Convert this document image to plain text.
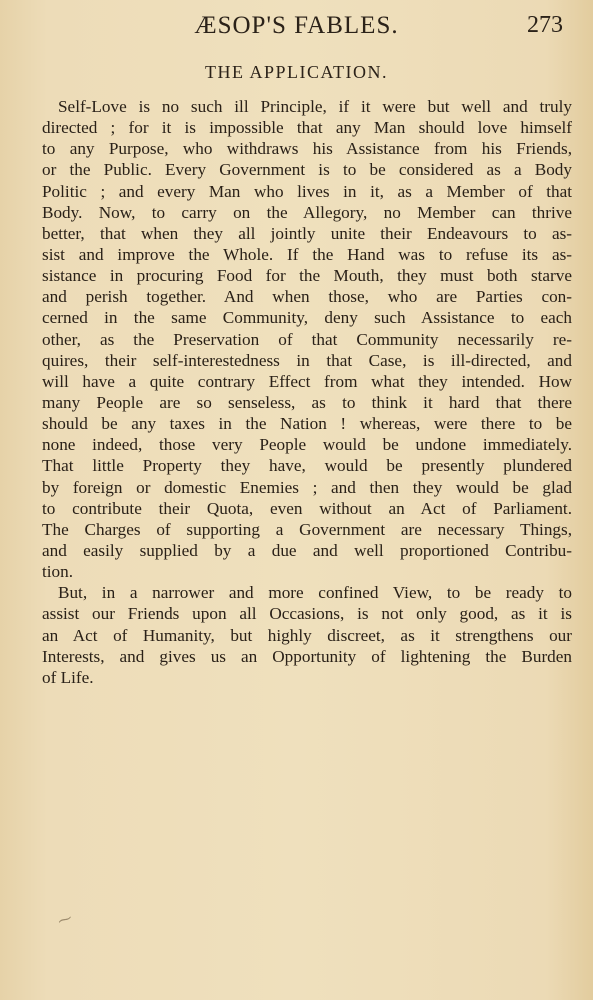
ÆSOP'S FABLES.	273
THE APPLICATION.
Self-Love is no such ill Principle, if it were but well and truly
directed ; for it is impossible that any Man should love himself
to any Purpose, who withdraws his Assistance from his Friends,
or the Public. Every Government is to be considered as a Body
Politic ; and every Man who lives in it, as a Member of that
Body. Now, to carry on the Allegory, no Member can thrive
better, that when they all jointly unite their Endeavours to as-
sist and improve the Whole. If the Hand was to refuse its as-
sistance in procuring Food for the Mouth, they must both starve
and perish together. And when those, who are Parties con-
cerned in the same Community, deny such Assistance to each
other, as the Preservation of that Community necessarily re-
quires, their self-interestedness in that Case, is ill-directed, and
will have a quite contrary Effect from what they intended. How
many People are so senseless, as to think it hard that there
should be any taxes in the Nation ! whereas, were there to be
none indeed, those very People would be undone immediately.
That little Property they have, would be presently plundered
by foreign or domestic Enemies ; and then they would be glad
to contribute their Quota, even without an Act of Parliament.
The Charges of supporting a Government are necessary Things,
and easily supplied by a due and well proportioned Contribu-
tion.
But, in a narrower and more confined View, to be ready to
assist our Friends upon all Occasions, is not only good, as it is
an Act of Humanity, but highly discreet, as it strengthens our
Interests, and gives us an Opportunity of lightening the Burden
of Life.
⁓
